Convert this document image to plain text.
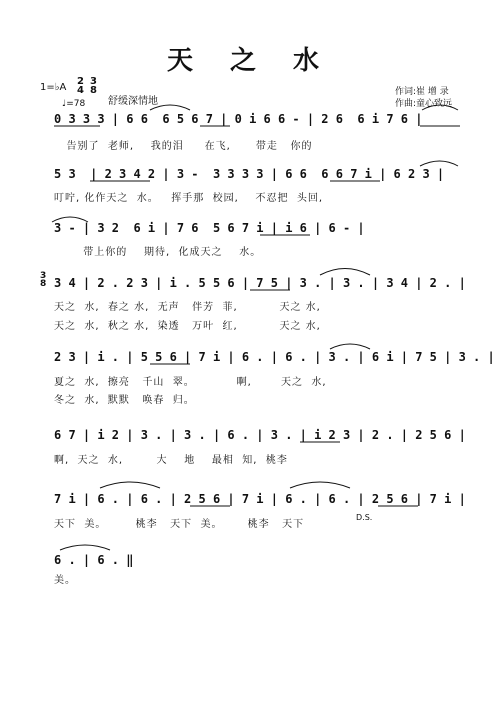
天 之 水
1=♭A
2
4
3
8
♩=78 舒缓深情地
作词:崔 增 录
作曲:童心致远
0 3 3 3 | 6 6  6 5 6 7 | 0 i 6 6 - | 2 6  6 i 7 6 |
告别了  老师,    我的泪     在飞,      带走   你的
5 3  | 2 3 4 2 | 3 -  3 3 3 3 | 6 6  6 6 7 i | 6 2 3 |
叮咛, 化作天之  水。   挥手那  校园,    不忍把  头回,
3 - | 3 2  6 i | 7 6  5 6 7 i | i 6 | 6 - |
带上你的    期待,  化成天之    水。
3
8 3 4 | 2 . 2 3 | i . 5 5 6 | 7 5 | 3 . | 3 . | 3 4 | 2 . |
天之  水,  春之 水,  无声   伴芳  菲,          天之 水,
天之  水,  秋之 水,  染透   万叶  红,          天之 水,
2 3 | i . | 5 5 6 | 7 i | 6 . | 6 . | 3 . | 6 i | 7 5 | 3 . |
夏之  水,  擦亮   千山  翠。          啊,       天之  水,
冬之  水,  默默   唤春  归。
6 7 | i 2 | 3 . | 3 . | 6 . | 3 . | i 2 3 | 2 . | 2 5 6 |
啊,  天之  水,        大    地    最相  知,  桃李
7 i | 6 . | 6 . | 2 5 6 | 7 i | 6 . | 6 . | 2 5 6 | 7 i |
天下  美。       桃李   天下  美。      桃李   天下
D.S.
6 . | 6 . ‖
美。
